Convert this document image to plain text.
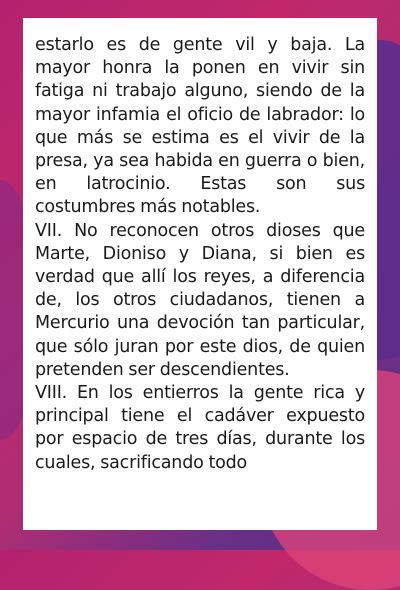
estarlo es de gente vil y baja. La mayor honra la ponen en vivir sin fatiga ni trabajo alguno, siendo de la mayor infamia el oficio de labrador: lo que más se estima es el vivir de la presa, ya sea habida en guerra o bien, en latrocinio. Estas son sus costumbres más notables.

VII. No reconocen otros dioses que Marte, Dioniso y Diana, si bien es verdad que allí los reyes, a diferencia de, los otros ciudadanos, tienen a Mercurio una devoción tan particular, que sólo juran por este dios, de quien pretenden ser descendientes.

VIII. En los entierros la gente rica y principal tiene el cadáver expuesto por espacio de tres días, durante los cuales, sacrificando todo
